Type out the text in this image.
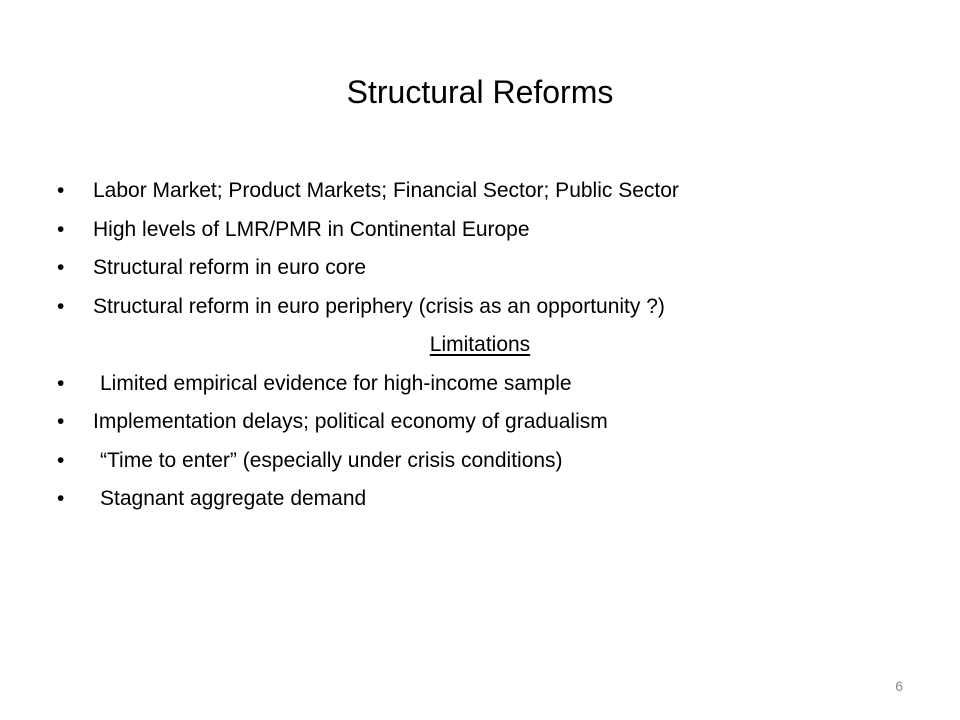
Structural Reforms
• Labor Market; Product Markets; Financial Sector; Public Sector
• High levels of LMR/PMR in Continental Europe
• Structural reform in euro core
• Structural reform in euro periphery (crisis as an opportunity ?)
Limitations
• Limited empirical evidence for high-income sample
• Implementation delays; political economy of gradualism
• “Time to enter” (especially under crisis conditions)
• Stagnant aggregate demand
6
